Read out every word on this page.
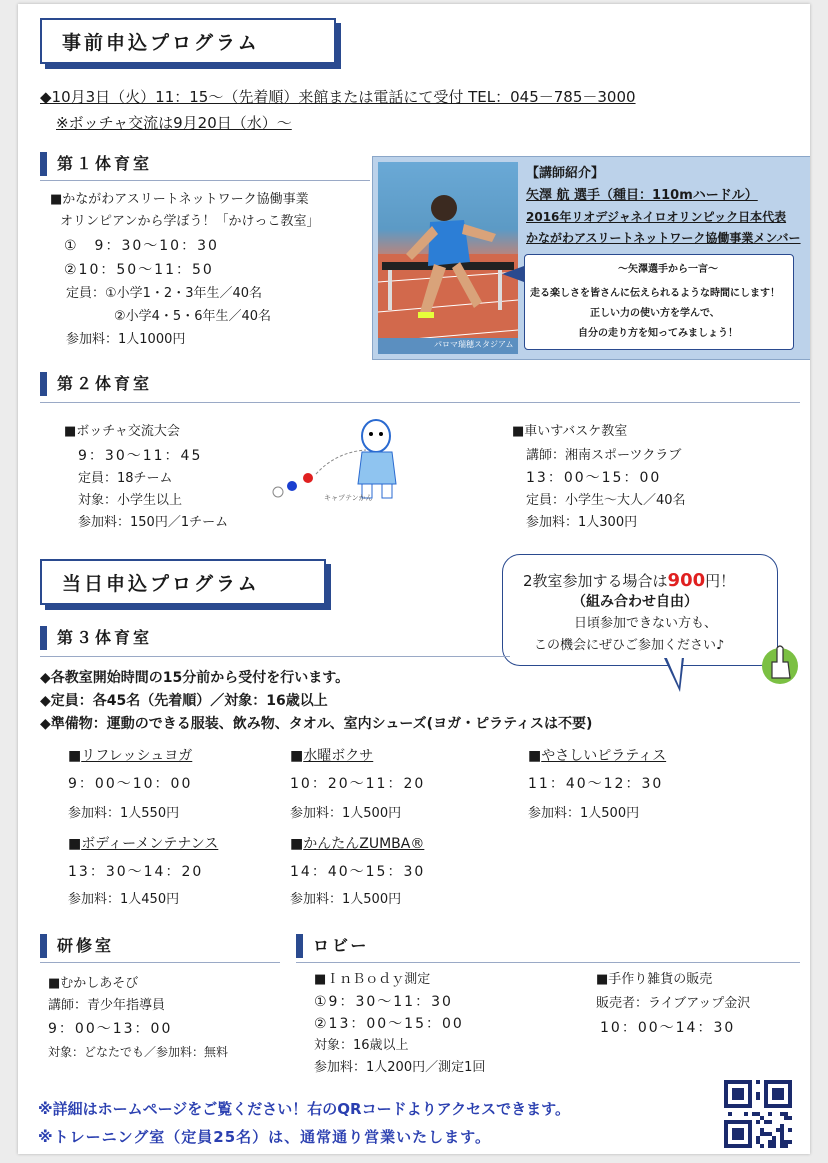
事前申込プログラム
◆10月3日（火）11：15～（先着順）来館または電話にて受付 TEL：045－785－3000
※ボッチャ交流は9月20日（水）～
第１体育室
■かながわアスリートネットワーク協働事業
オリンピアンから学ぼう！「かけっこ教室」
①　9：30～10：30
②10：50～11：50
定員：①小学1・2・3年生／40名
②小学4・5・6年生／40名
参加料：1人1000円	パロマ瑞穂スタジアム
【講師紹介】
矢澤 航 選手（種目：110mハードル）
2016年リオデジャネイロオリンピック日本代表
かながわアスリートネットワーク協働事業メンバー
～矢澤選手から一言～
走る楽しさを皆さんに伝えられるような時間にします！
正しい力の使い方を学んで、
自分の走り方を知ってみましょう！
第２体育室
■ボッチャ交流大会
9：30～11：45
定員：18チーム
対象：小学生以上
参加料：150円／1チーム
キャプテンかん
■車いすバスケ教室
講師：湘南スポーツクラブ
13：00～15：00
定員：小学生～大人／40名
参加料：1人300円
当日申込プログラム	2教室参加する場合は900円！
（組み合わせ自由）
日頃参加できない方も、
この機会にぜひご参加ください♪
第３体育室
◆各教室開始時間の15分前から受付を行います。
◆定員：各45名（先着順）／対象：16歳以上
◆準備物：運動のできる服装、飲み物、タオル、室内シューズ(ヨガ・ピラティスは不要)
■リフレッシュヨガ
9：00～10：00
参加料：1人550円
■水曜ボクサ
10：20～11：20
参加料：1人500円
■やさしいピラティス
11：40～12：30
参加料：1人500円
■ボディーメンテナンス
13：30～14：20
参加料：1人450円
■かんたんZUMBA®
14：40～15：30
参加料：1人500円
研修室
■むかしあそび
講師：青少年指導員
9：00～13：00
対象：どなたでも／参加料：無料
ロビー
■ＩｎＢｏｄｙ測定
①9：30～11：30
②13：00～15：00
対象：16歳以上
参加料：1人200円／測定1回
■手作り雑貨の販売
販売者：ライブアップ金沢
10：00～14：30
※詳細はホームページをご覧ください！右のQRコードよりアクセスできます。
※トレーニング室（定員25名）は、通常通り営業いたします。
